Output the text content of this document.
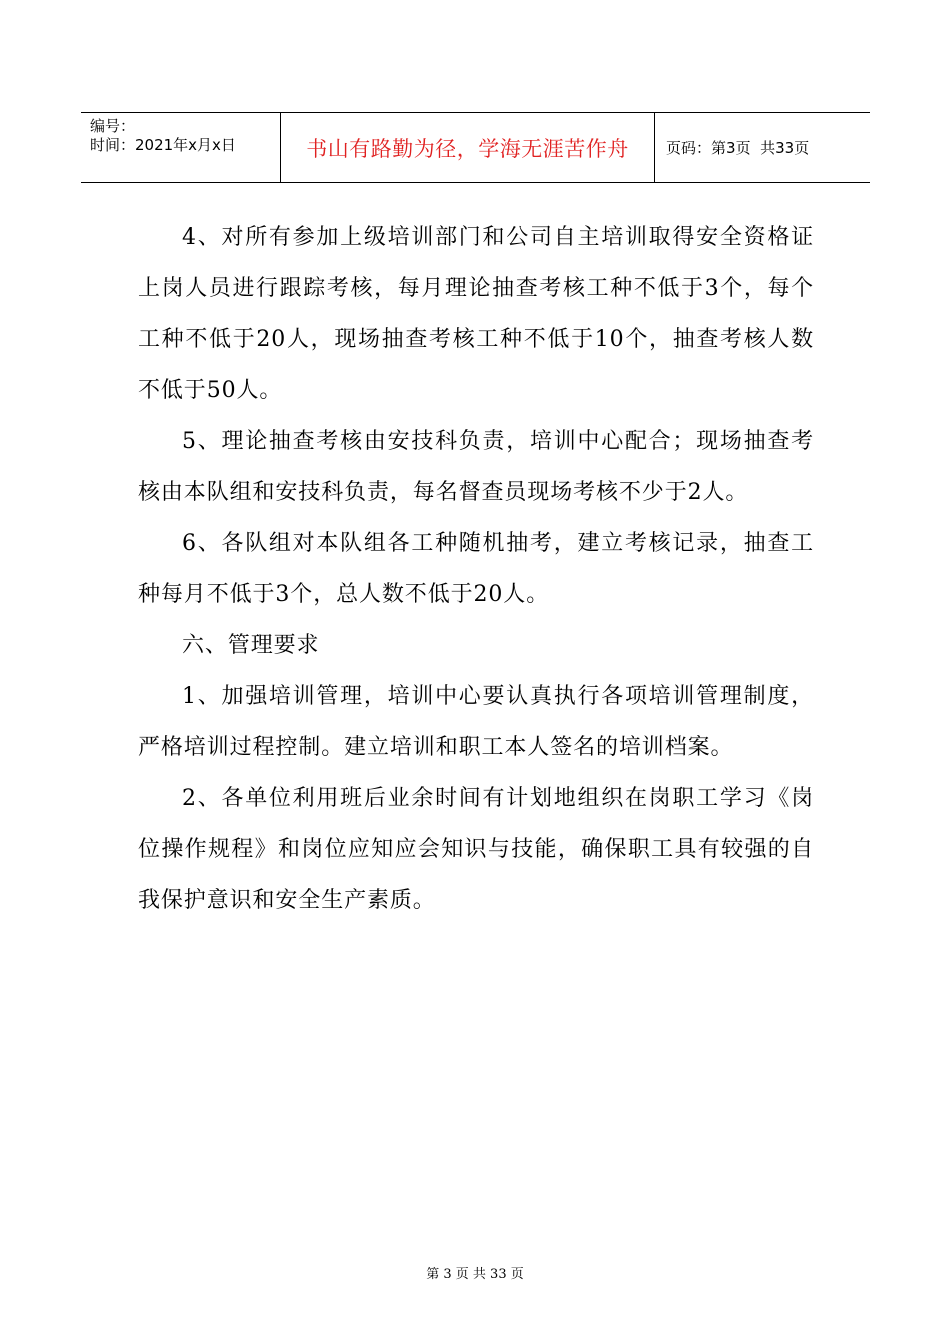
编号：
时间：2021年x月x日	书山有路勤为径，学海无涯苦作舟	页码：第 3 页  共 33 页

4、对所有参加上级培训部门和公司自主培训取得安全资格证上岗人员进行跟踪考核，每月理论抽查考核工种不低于3个，每个工种不低于20人，现场抽查考核工种不低于10个，抽查考核人数不低于50人。

5、理论抽查考核由安技科负责，培训中心配合；现场抽查考核由本队组和安技科负责，每名督查员现场考核不少于2人。

6、各队组对本队组各工种随机抽考，建立考核记录，抽查工种每月不低于3个，总人数不低于20人。

六、管理要求

1、加强培训管理，培训中心要认真执行各项培训管理制度，严格培训过程控制。建立培训和职工本人签名的培训档案。

2、各单位利用班后业余时间有计划地组织在岗职工学习《岗位操作规程》和岗位应知应会知识与技能，确保职工具有较强的自我保护意识和安全生产素质。

第 3 页 共 33 页
